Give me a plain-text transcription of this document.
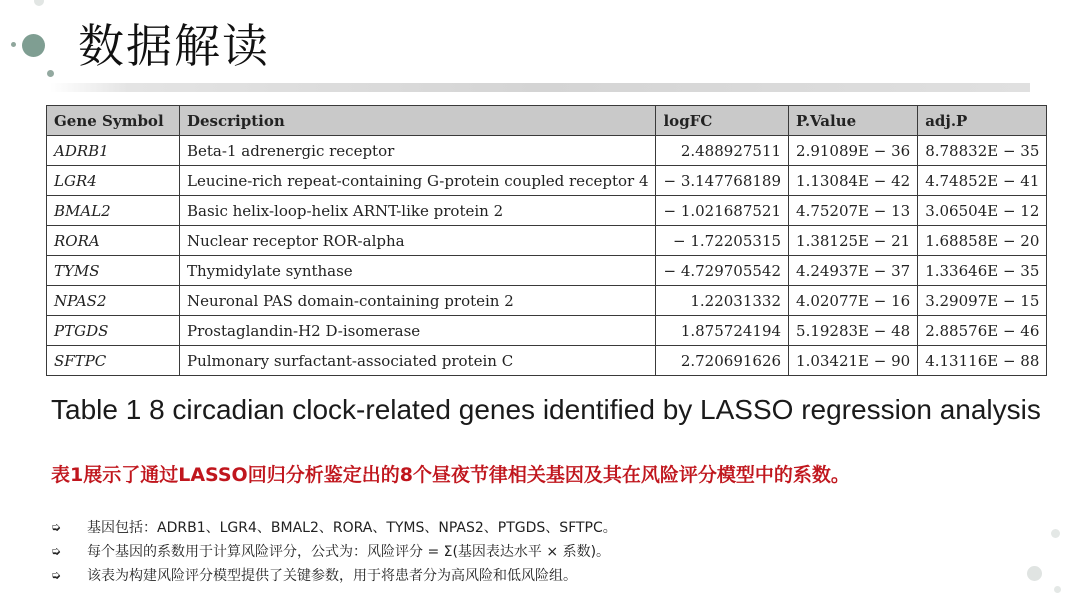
数据解读
Gene Symbol	Description	logFC	P.Value	adj.P
ADRB1	Beta-1 adrenergic receptor	2.488927511	2.91089E − 36	8.78832E − 35
LGR4	Leucine-rich repeat-containing G-protein coupled receptor 4	− 3.147768189	1.13084E − 42	4.74852E − 41
BMAL2	Basic helix-loop-helix ARNT-like protein 2	− 1.021687521	4.75207E − 13	3.06504E − 12
RORA	Nuclear receptor ROR-alpha	− 1.72205315	1.38125E − 21	1.68858E − 20
TYMS	Thymidylate synthase	− 4.729705542	4.24937E − 37	1.33646E − 35
NPAS2	Neuronal PAS domain-containing protein 2	1.22031332	4.02077E − 16	3.29097E − 15
PTGDS	Prostaglandin-H2 D-isomerase	1.875724194	5.19283E − 48	2.88576E − 46
SFTPC	Pulmonary surfactant-associated protein C	2.720691626	1.03421E − 90	4.13116E − 88
Table 1 8 circadian clock-related genes identified by LASSO regression analysis
表1展示了通过LASSO回归分析鉴定出的8个昼夜节律相关基因及其在风险评分模型中的系数。
➭	基因包括：ADRB1、LGR4、BMAL2、RORA、TYMS、NPAS2、PTGDS、SFTPC。
➭	每个基因的系数用于计算风险评分，公式为：风险评分 = Σ(基因表达水平 × 系数)。
➭	该表为构建风险评分模型提供了关键参数，用于将患者分为高风险和低风险组。
